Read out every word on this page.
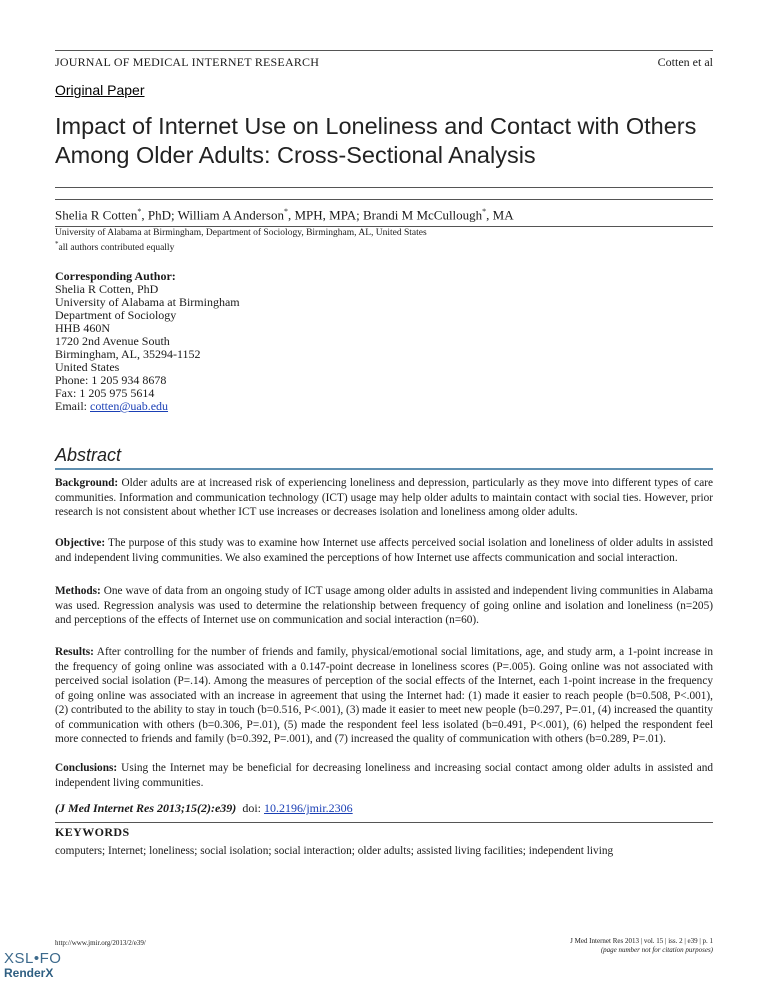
JOURNAL OF MEDICAL INTERNET RESEARCH	Cotten et al
Original Paper
Impact of Internet Use on Loneliness and Contact with Others Among Older Adults: Cross-Sectional Analysis
Shelia R Cotten*, PhD; William A Anderson*, MPH, MPA; Brandi M McCullough*, MA
University of Alabama at Birmingham, Department of Sociology, Birmingham, AL, United States
*all authors contributed equally
Corresponding Author:
Shelia R Cotten, PhD
University of Alabama at Birmingham
Department of Sociology
HHB 460N
1720 2nd Avenue South
Birmingham, AL, 35294-1152
United States
Phone: 1 205 934 8678
Fax: 1 205 975 5614
Email: cotten@uab.edu
Abstract

Background: Older adults are at increased risk of experiencing loneliness and depression, particularly as they move into different types of care communities. Information and communication technology (ICT) usage may help older adults to maintain contact with social ties. However, prior research is not consistent about whether ICT use increases or decreases isolation and loneliness among older adults.

Objective: The purpose of this study was to examine how Internet use affects perceived social isolation and loneliness of older adults in assisted and independent living communities. We also examined the perceptions of how Internet use affects communication and social interaction.

Methods: One wave of data from an ongoing study of ICT usage among older adults in assisted and independent living communities in Alabama was used. Regression analysis was used to determine the relationship between frequency of going online and isolation and loneliness (n=205) and perceptions of the effects of Internet use on communication and social interaction (n=60).

Results: After controlling for the number of friends and family, physical/emotional social limitations, age, and study arm, a 1-point increase in the frequency of going online was associated with a 0.147-point decrease in loneliness scores (P=.005). Going online was not associated with perceived social isolation (P=.14). Among the measures of perception of the social effects of the Internet, each 1-point increase in the frequency of going online was associated with an increase in agreement that using the Internet had: (1) made it easier to reach people (b=0.508, P<.001), (2) contributed to the ability to stay in touch (b=0.516, P<.001), (3) made it easier to meet new people (b=0.297, P=.01, (4) increased the quantity of communication with others (b=0.306, P=.01), (5) made the respondent feel less isolated (b=0.491, P<.001), (6) helped the respondent feel more connected to friends and family (b=0.392, P=.001), and (7) increased the quality of communication with others (b=0.289, P=.01).

Conclusions: Using the Internet may be beneficial for decreasing loneliness and increasing social contact among older adults in assisted and independent living communities.

(J Med Internet Res 2013;15(2):e39) doi: 10.2196/jmir.2306
KEYWORDS
computers; Internet; loneliness; social isolation; social interaction; older adults; assisted living facilities; independent living
http://www.jmir.org/2013/2/e39/	J Med Internet Res 2013 | vol. 15 | iss. 2 | e39 | p. 1
(page number not for citation purposes)
XSL•FO
RenderX
